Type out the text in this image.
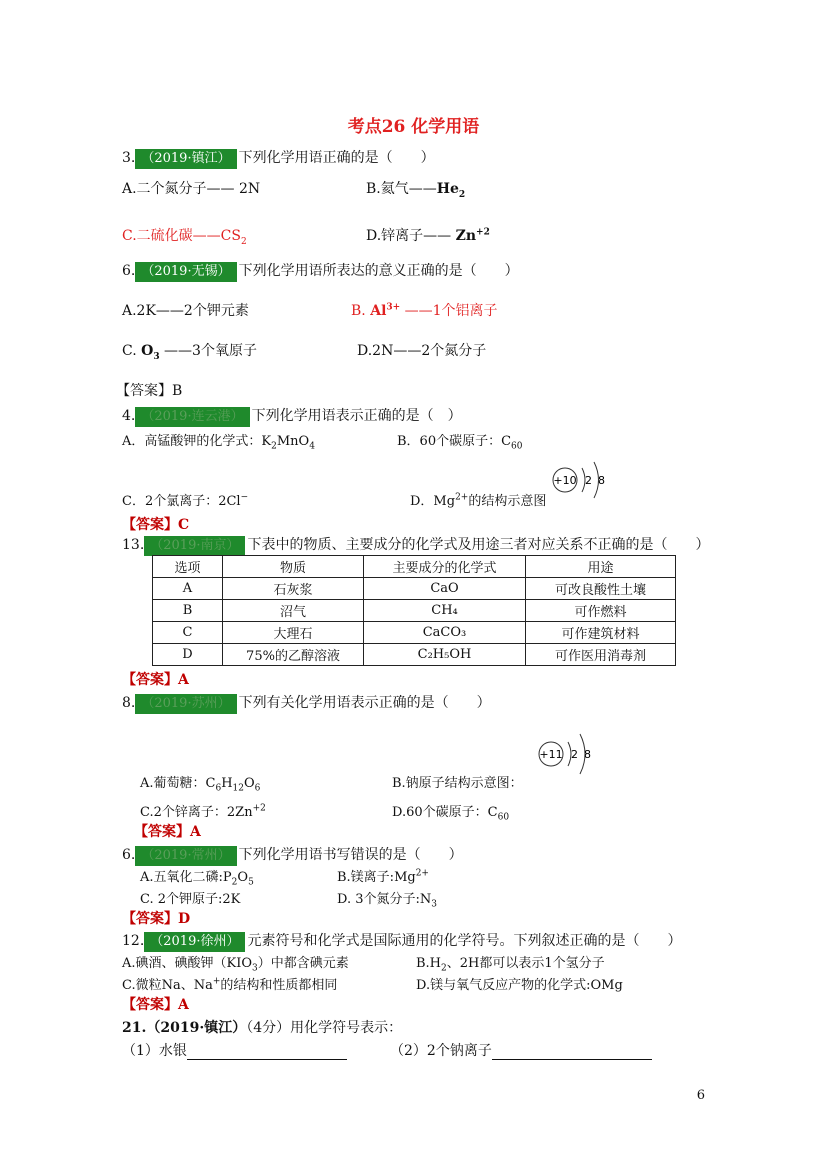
考点26 化学用语
3. （2019·镇江） 下列化学用语正确的是（　　）
A.二个氮分子—— 2N	B.氦气$——He_2$
C.二硫化碳$——CS_2$	D.锌离子—— $Zn^{+2}$
6. （2019·无锡） 下列化学用语所表达的意义正确的是（　　）
A.2K——2个钾元素	B. $Al^{3+}$ ——1个铝离子
C. $O_3$ ——3个氧原子	D.2N——2个氮分子
【答案】B
4. （2019·连云港） 下列化学用语表示正确的是（　）
A．高锰酸钾的化学式：$K_2MnO_4$	B．60个碳原子：$C_{60}$
C．2个氯离子：2Cl−	D．$Mg^{2+}$的结构示意图
+10 2 8
【答案】C
13. （2019·南京） 下表中的物质、主要成分的化学式及用途三者对应关系不正确的是（　　）
选项	物质	主要成分的化学式	用途
A	石灰浆	CaO	可改良酸性土壤
B	沼气	CH₄	可作燃料
C	大理石	CaCO₃	可作建筑材料
D	75%的乙醇溶液	C₂H₅OH	可作医用消毒剂
【答案】A
8. （2019·苏州） 下列有关化学用语表示正确的是（　　）
A.葡萄糖：$C_6H_{12}O_6$	B.钠原子结构示意图：
+11 2 8
C.2个锌离子：$2Zn^{+2}$	D.60个碳原子：$C_{60}$
【答案】A
6. （2019·常州） 下列化学用语书写错误的是（　　）
A.五氧化二磷$:P_2O_5$	B.镁离子$:Mg^{2+}$
C. 2个钾原子:2K	D. 3个氮分子$:N_3$
【答案】D
12. （2019·徐州） 元素符号和化学式是国际通用的化学符号。下列叙述正确的是（　　）
A.碘酒、碘酸钾$(KIO_3)$中都含碘元素	$B.H_2$、2H都可以表示1个氢分子
C.微粒Na、Na+的结构和性质都相同	D.镁与氧气反应产物的化学式:OMg
【答案】A
21.（2019·镇江）（4分）用化学符号表示：
（1）水银	（2）2个钠离子
6
